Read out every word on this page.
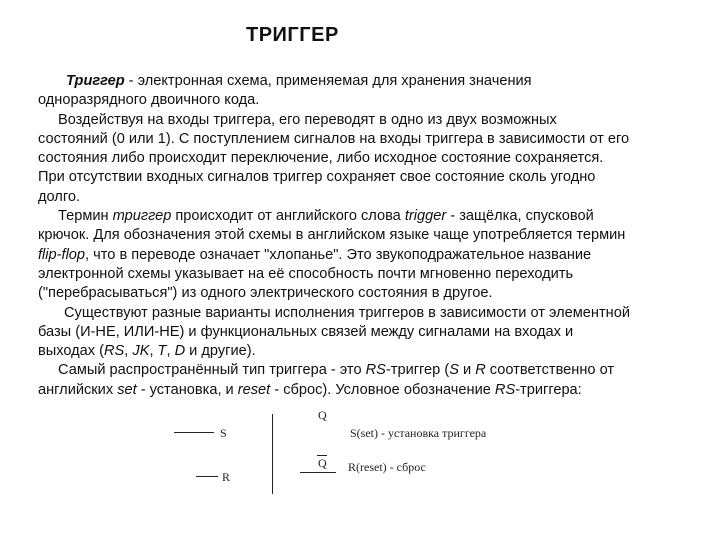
ТРИГГЕР

Триггер - электронная схема, применяемая для хранения значения
одноразрядного двоичного кода.

Воздействуя на входы триггера, его переводят в одно из двух возможных
состояний (0 или 1). С поступлением сигналов на входы триггера в зависимости от его
состояния либо происходит переключение, либо исходное состояние сохраняется.
При отсутствии входных сигналов триггер сохраняет свое состояние сколь угодно
долго.

Термин триггер происходит от английского слова trigger - защёлка, спусковой
крючок. Для обозначения этой схемы в английском языке чаще употребляется термин
flip-flop, что в переводе означает "хлопанье". Это звукоподражательное название
электронной схемы указывает на её способность почти мгновенно переходить
("перебрасываться") из одного электрического состояния в другое.

Существуют разные варианты исполнения триггеров в зависимости от элементной
базы (И-НЕ, ИЛИ-НЕ) и функциональных связей между сигналами на входах и
выходах (RS, JK, T, D и другие).

Самый распространённый тип триггера - это RS-триггер (S и R соответственно от
английских set - установка, и reset - сброс). Условное обозначение RS-триггера:

S
R
Q
Q
S(set) - установка триггера
R(reset) - сброс
